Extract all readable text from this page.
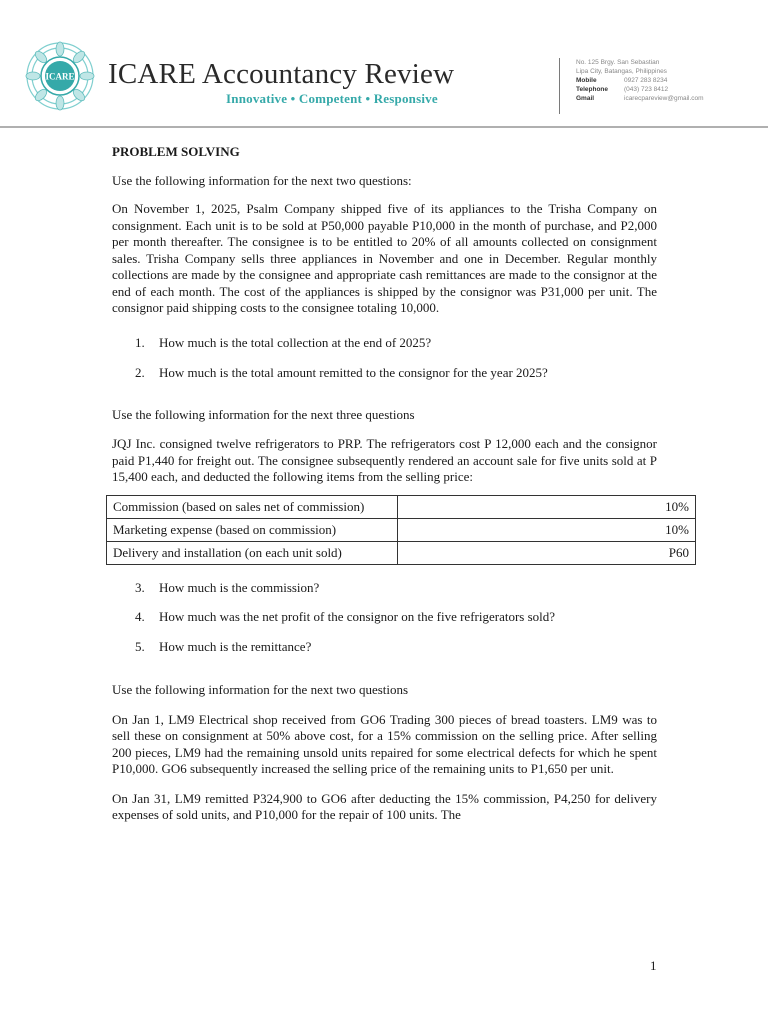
ICARE ICARE Accountancy Review
Innovative • Competent • Responsive
No. 125 Brgy. San Sebastian
Lipa City, Batangas, Philippines
Mobile	0927 283 8234
Telephone (043) 723 8412
Gmail	icarecpareview@gmail.com

PROBLEM SOLVING

Use the following information for the next two questions:

On November 1, 2025, Psalm Company shipped five of its appliances to the Trisha Company on consignment. Each unit is to be sold at P50,000 payable P10,000 in the month of purchase, and P2,000 per month thereafter. The consignee is to be entitled to 20% of all amounts collected on consignment sales. Trisha Company sells three appliances in November and one in December. Regular monthly collections are made by the consignee and appropriate cash remittances are made to the consignor at the end of each month. The cost of the appliances is shipped by the consignor was P31,000 per unit. The consignor paid shipping costs to the consignee totaling 10,000.

1.	How much is the total collection at the end of 2025?
2.	How much is the total amount remitted to the consignor for the year 2025?

Use the following information for the next three questions

JQJ Inc. consigned twelve refrigerators to PRP. The refrigerators cost P 12,000 each and the consignor paid P1,440 for freight out. The consignee subsequently rendered an account sale for five units sold at P 15,400 each, and deducted the following items from the selling price:

Commission (based on sales net of commission)	10%
Marketing expense (based on commission)	10%
Delivery and installation (on each unit sold)	P60
3.	How much is the commission?
4.	How much was the net profit of the consignor on the five refrigerators sold?
5.	How much is the remittance?

Use the following information for the next two questions

On Jan 1, LM9 Electrical shop received from GO6 Trading 300 pieces of bread toasters. LM9 was to sell these on consignment at 50% above cost, for a 15% commission on the selling price. After selling 200 pieces, LM9 had the remaining unsold units repaired for some electrical defects for which he spent P10,000. GO6 subsequently increased the selling price of the remaining units to P1,650 per unit.

On Jan 31, LM9 remitted P324,900 to GO6 after deducting the 15% commission, P4,250 for delivery expenses of sold units, and P10,000 for the repair of 100 units. The

1
